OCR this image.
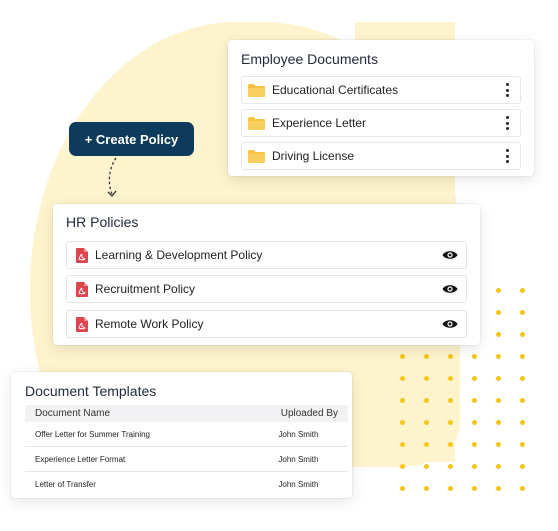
Employee Documents
Educational Certificates
Experience Letter
Driving License
+ Create Policy
HR Policies
Learning & Development Policy
Recruitment Policy
Remote Work Policy
Document Templates
Document Name	Uploaded By
Offer Letter for Summer Training	John Smith
Experience Letter Format	John Smith
Letter of Transfer	John Smith
